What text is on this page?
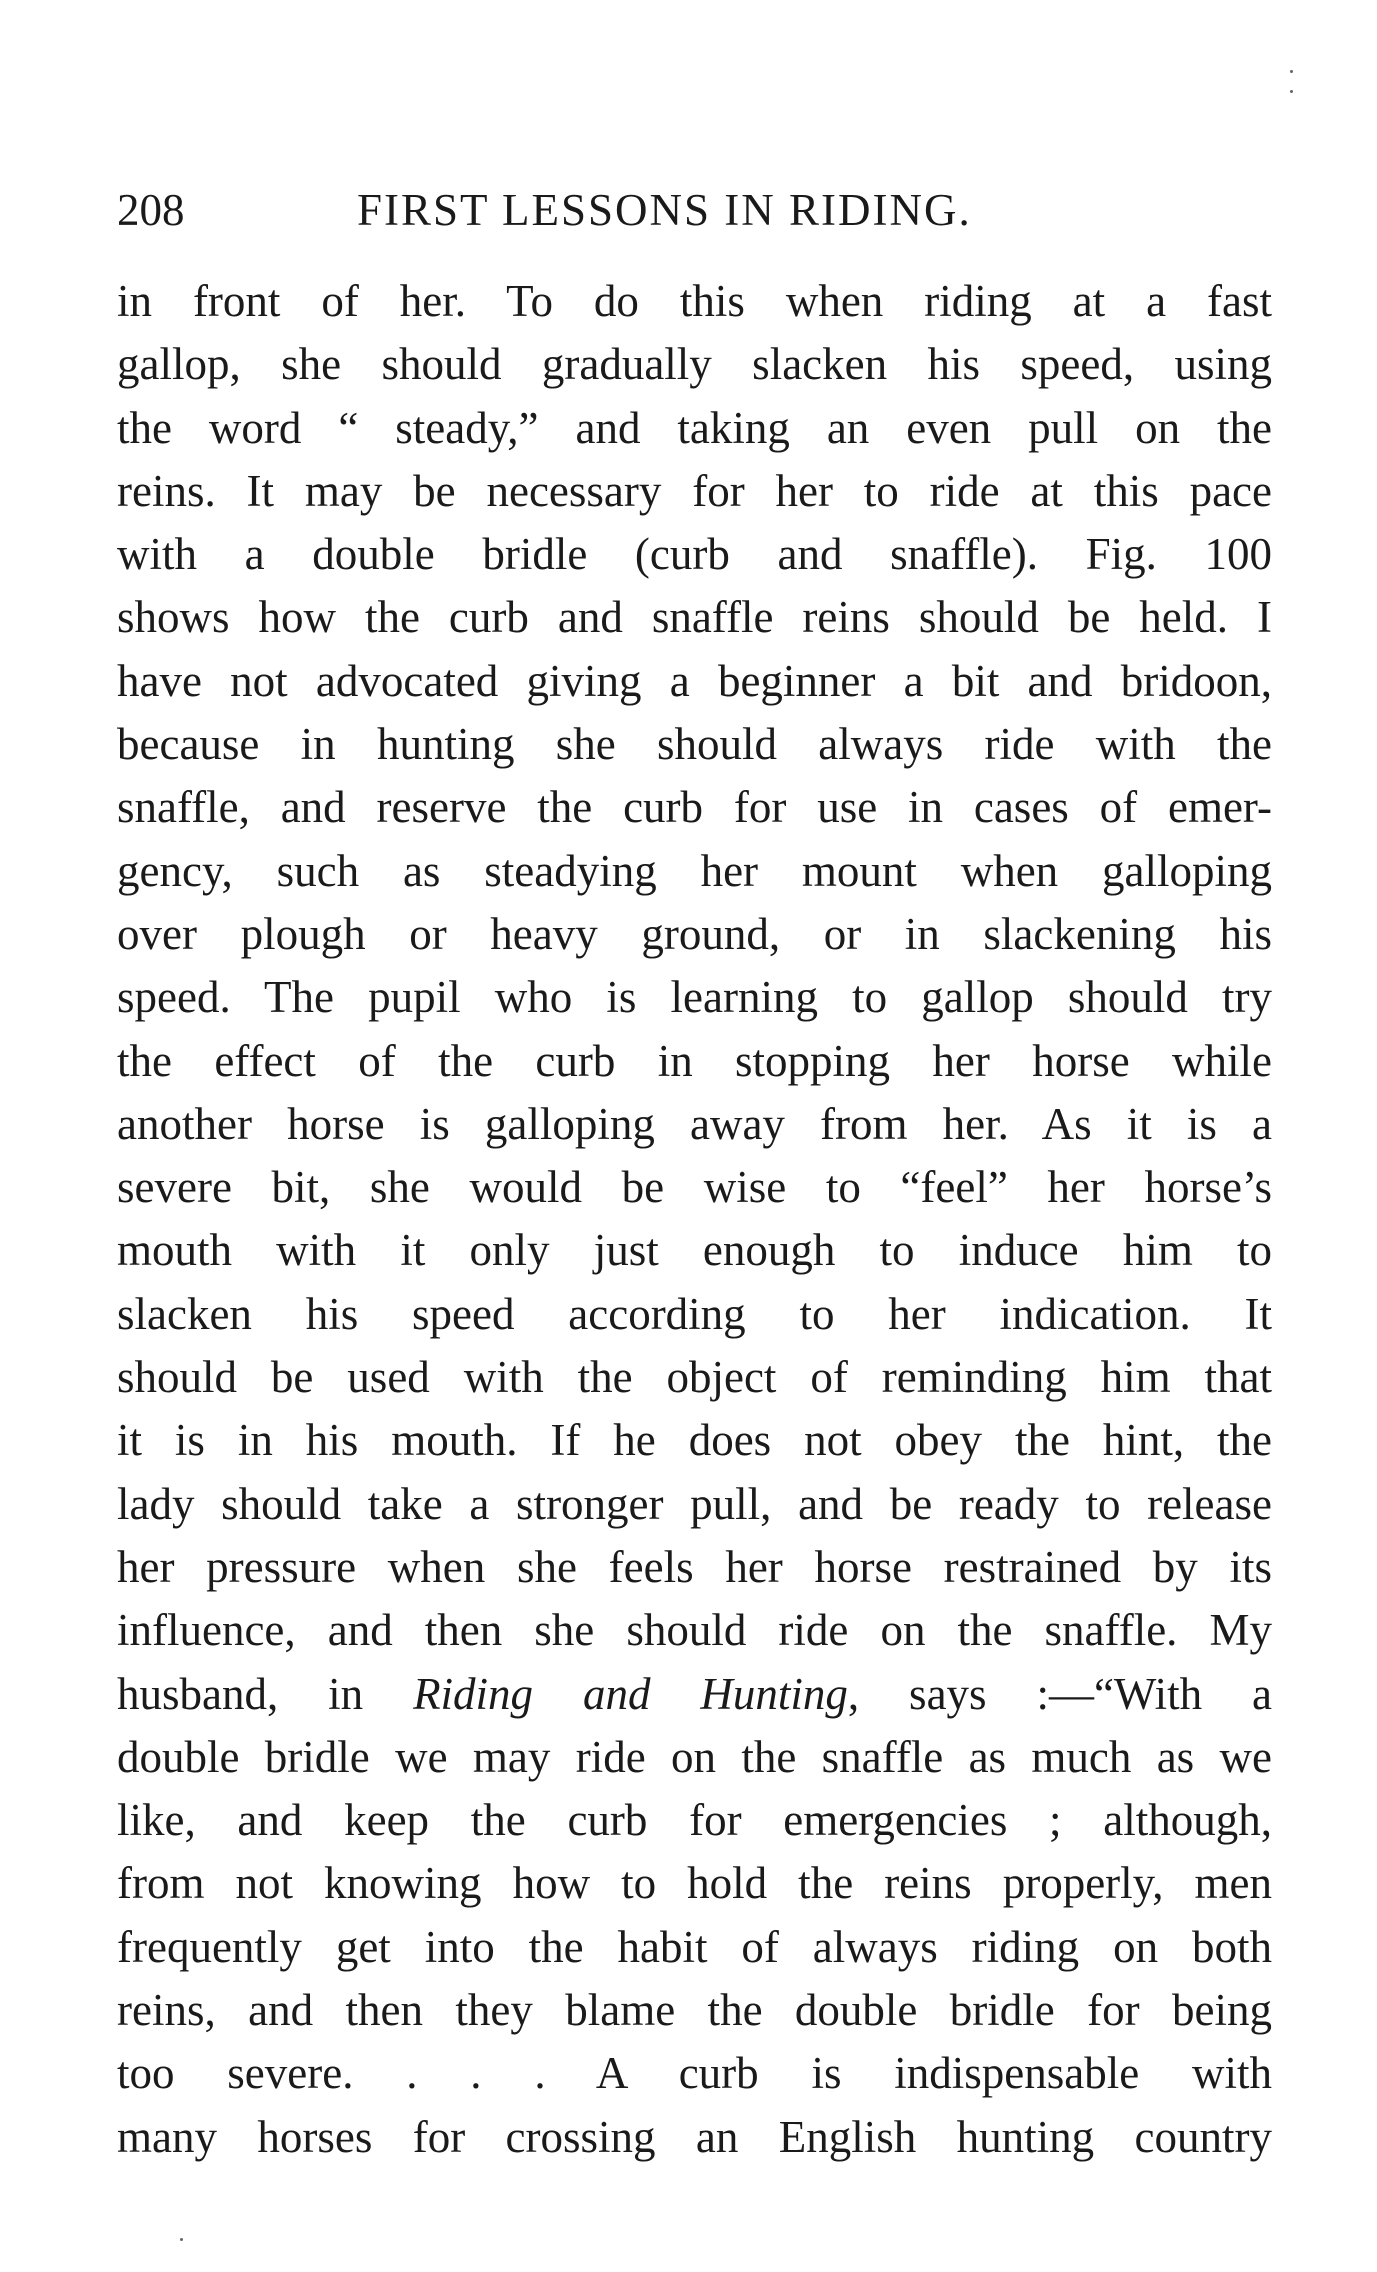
208	FIRST LESSONS IN RIDING.
in front of her. To do this when riding at a fast
gallop, she should gradually slacken his speed, using
the word “ steady,” and taking an even pull on the
reins. It may be necessary for her to ride at this pace
with a double bridle (curb and snaffle). Fig. 100
shows how the curb and snaffle reins should be held. I
have not advocated giving a beginner a bit and bridoon,
because in hunting she should always ride with the
snaffle, and reserve the curb for use in cases of emer-
gency, such as steadying her mount when galloping
over plough or heavy ground, or in slackening his
speed. The pupil who is learning to gallop should try
the effect of the curb in stopping her horse while
another horse is galloping away from her. As it is a
severe bit, she would be wise to “feel” her horse’s
mouth with it only just enough to induce him to
slacken his speed according to her indication. It
should be used with the object of reminding him that
it is in his mouth. If he does not obey the hint, the
lady should take a stronger pull, and be ready to release
her pressure when she feels her horse restrained by its
influence, and then she should ride on the snaffle. My
husband, in Riding and Hunting, says :—“With a
double bridle we may ride on the snaffle as much as we
like, and keep the curb for emergencies ; although,
from not knowing how to hold the reins properly, men
frequently get into the habit of always riding on both
reins, and then they blame the double bridle for being
too severe. . . . A curb is indispensable with
many horses for crossing an English hunting country
